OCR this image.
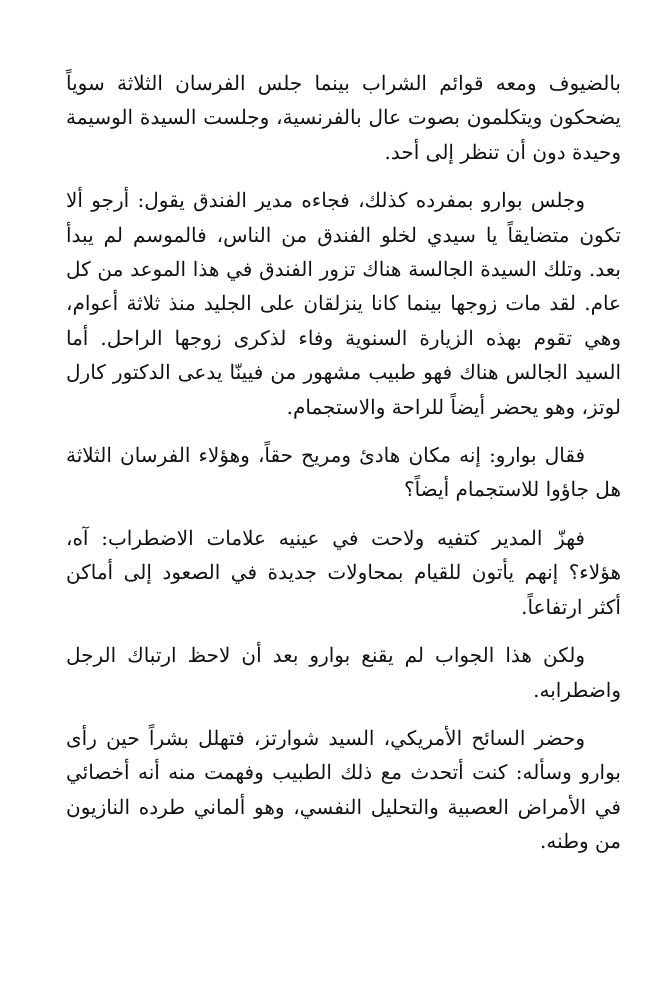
بالضيوف ومعه قوائم الشراب بينما جلس الفرسان الثلاثة سوياً يضحكون ويتكلمون بصوت عال بالفرنسية، وجلست السيدة الوسيمة وحيدة دون أن تنظر إلى أحد.

وجلس بوارو بمفرده كذلك، فجاءه مدير الفندق يقول: أرجو ألا تكون متضايقاً يا سيدي لخلو الفندق من الناس، فالموسم لم يبدأ بعد. وتلك السيدة الجالسة هناك تزور الفندق في هذا الموعد من كل عام. لقد مات زوجها بينما كانا ينزلقان على الجليد منذ ثلاثة أعوام، وهي تقوم بهذه الزيارة السنوية وفاء لذكرى زوجها الراحل. أما السيد الجالس هناك فهو طبيب مشهور من فيينّا يدعى الدكتور كارل لوتز، وهو يحضر أيضاً للراحة والاستجمام.

فقال بوارو: إنه مكان هادئ ومريح حقاً، وهؤلاء الفرسان الثلاثة هل جاؤوا للاستجمام أيضاً؟

فهزّ المدير كتفيه ولاحت في عينيه علامات الاضطراب: آه، هؤلاء؟ إنهم يأتون للقيام بمحاولات جديدة في الصعود إلى أماكن أكثر ارتفاعاً.

ولكن هذا الجواب لم يقنع بوارو بعد أن لاحظ ارتباك الرجل واضطرابه.

وحضر السائح الأمريكي، السيد شوارتز، فتهلل بشراً حين رأى بوارو وسأله: كنت أتحدث مع ذلك الطبيب وفهمت منه أنه أخصائي في الأمراض العصبية والتحليل النفسي، وهو ألماني طرده النازيون من وطنه.
